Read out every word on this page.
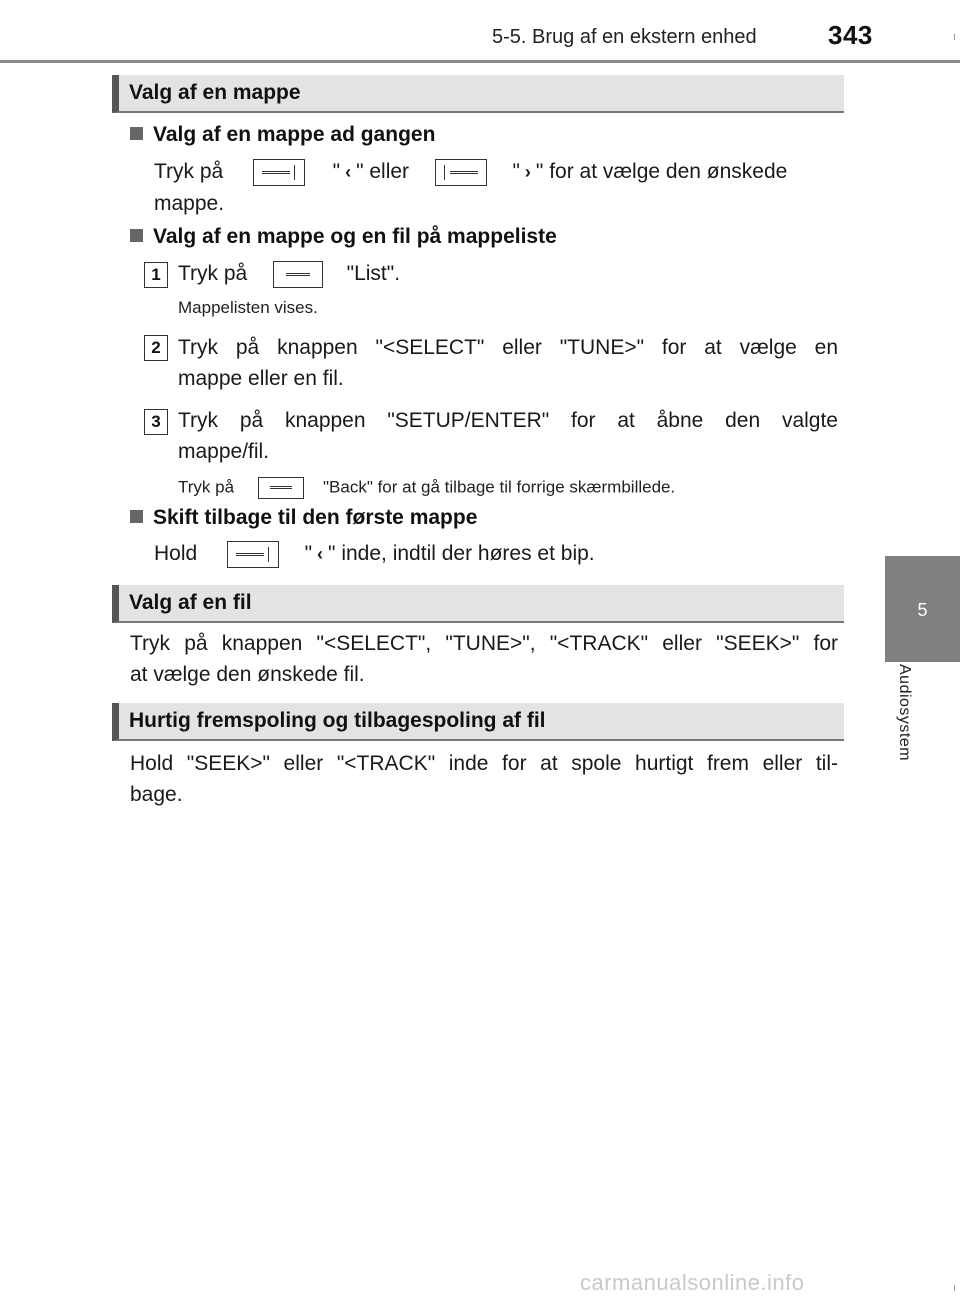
5-5. Brug af en ekstern enhed	343
5
Audiosystem
Valg af en mappe
Valg af en mappe ad gangen
Tryk på	" ‹ " eller	" › " for at vælge den ønskede
mappe.
Valg af en mappe og en fil på mappeliste
1 Tryk på	"List".
Mappelisten vises.
2 Tryk på knappen "<SELECT" eller "TUNE>" for at vælge en
mappe eller en fil.
3 Tryk på knappen "SETUP/ENTER" for at åbne den valgte
mappe/fil.
Tryk på	"Back" for at gå tilbage til forrige skærmbillede.
Skift tilbage til den første mappe
Hold	" ‹ " inde, indtil der høres et bip.
Valg af en fil
Tryk på knappen "<SELECT", "TUNE>", "<TRACK" eller "SEEK>" for
at vælge den ønskede fil.
Hurtig fremspoling og tilbagespoling af fil
Hold "SEEK>" eller "<TRACK" inde for at spole hurtigt frem eller til-
bage.
carmanualsonline.info
